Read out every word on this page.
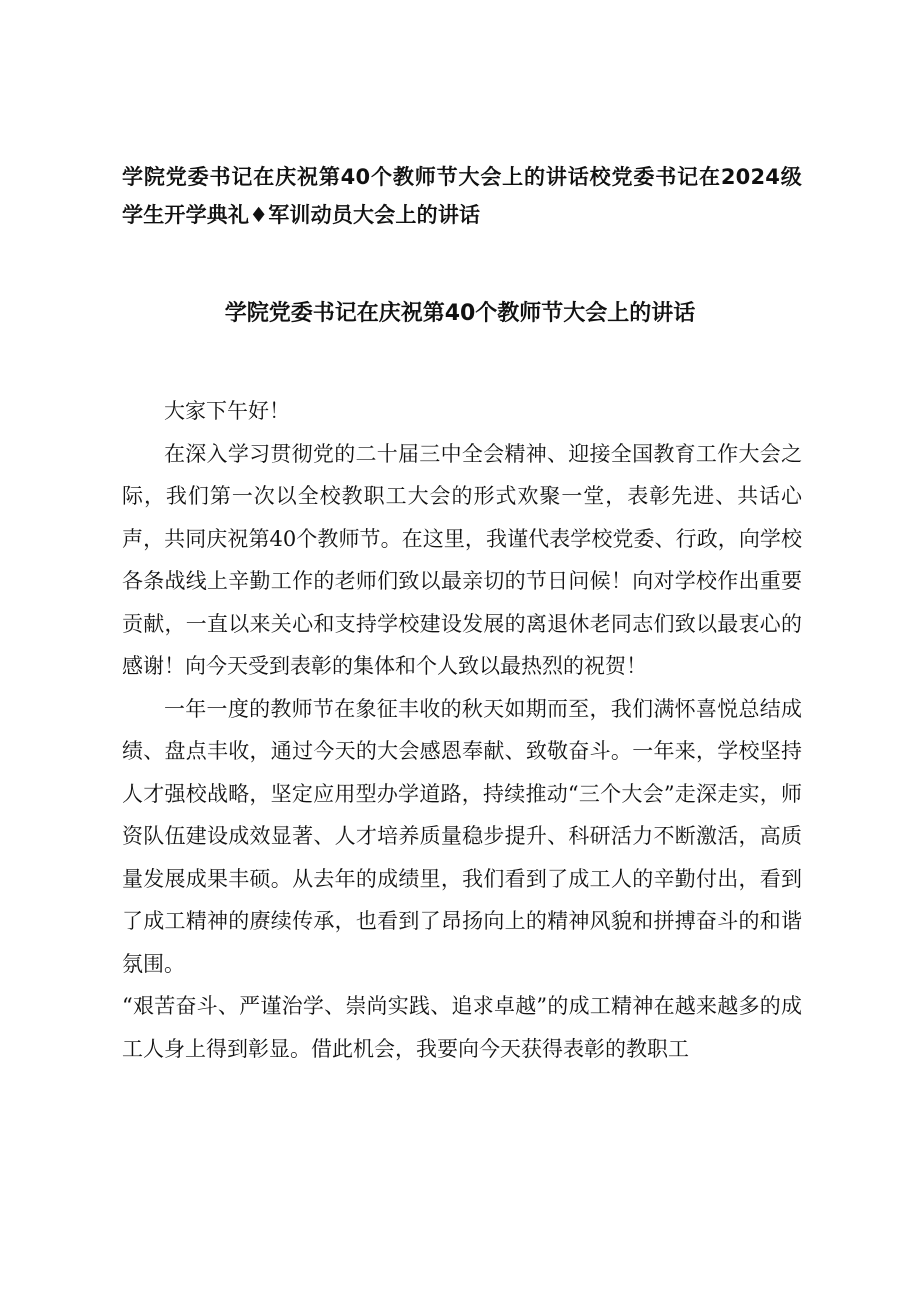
学院党委书记在庆祝第40个教师节大会上的讲话校党委书记在2024级学生开学典礼♦军训动员大会上的讲话
学院党委书记在庆祝第40个教师节大会上的讲话

大家下午好！

在深入学习贯彻党的二十届三中全会精神、迎接全国教育工作大会之际，我们第一次以全校教职工大会的形式欢聚一堂，表彰先进、共话心声，共同庆祝第40个教师节。在这里，我谨代表学校党委、行政，向学校各条战线上辛勤工作的老师们致以最亲切的节日问候！向对学校作出重要贡献，一直以来关心和支持学校建设发展的离退休老同志们致以最衷心的感谢！向今天受到表彰的集体和个人致以最热烈的祝贺！

一年一度的教师节在象征丰收的秋天如期而至，我们满怀喜悦总结成绩、盘点丰收，通过今天的大会感恩奉献、致敬奋斗。一年来，学校坚持人才强校战略，坚定应用型办学道路，持续推动“三个大会”走深走实，师资队伍建设成效显著、人才培养质量稳步提升、科研活力不断激活，高质量发展成果丰硕。从去年的成绩里，我们看到了成工人的辛勤付出，看到了成工精神的赓续传承，也看到了昂扬向上的精神风貌和拼搏奋斗的和谐氛围。

“艰苦奋斗、严谨治学、崇尚实践、追求卓越”的成工精神在越来越多的成工人身上得到彰显。借此机会，我要向今天获得表彰的教职工
